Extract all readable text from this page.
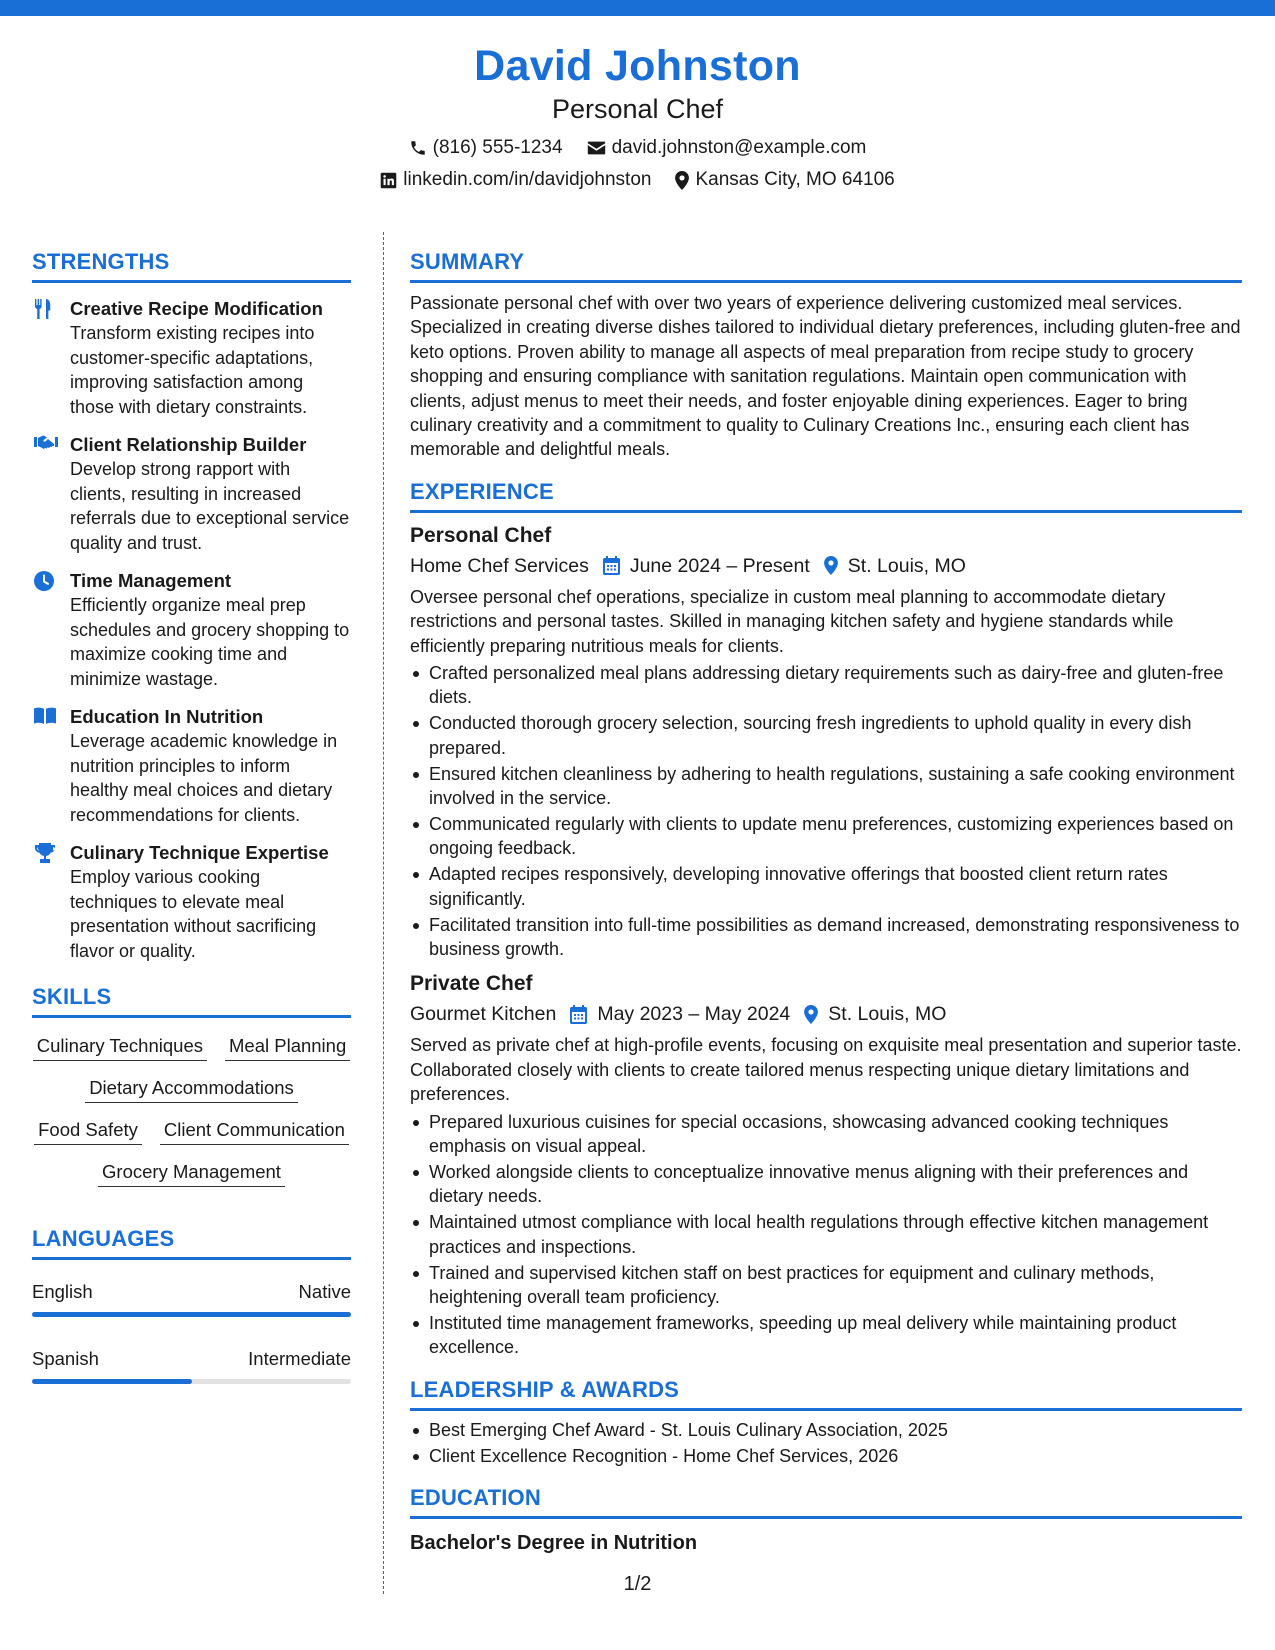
David Johnston
Personal Chef
(816) 555-1234	david.johnston@example.com
linkedin.com/in/davidjohnston Kansas City, MO 64106
STRENGTHS
Creative Recipe Modification
Transform existing recipes into customer-specific adaptations, improving satisfaction among those with dietary constraints.
Client Relationship Builder
Develop strong rapport with clients, resulting in increased referrals due to exceptional service quality and trust.
Time Management
Efficiently organize meal prep schedules and grocery shopping to maximize cooking time and minimize wastage.
Education In Nutrition
Leverage academic knowledge in nutrition principles to inform healthy meal choices and dietary recommendations for clients.
Culinary Technique Expertise
Employ various cooking techniques to elevate meal presentation without sacrificing flavor or quality.
SKILLS
Culinary Techniques Meal Planning
Dietary Accommodations
Food Safety Client Communication
Grocery Management
LANGUAGES
English	Native
Spanish	Intermediate
SUMMARY
Passionate personal chef with over two years of experience delivering customized meal services. Specialized in creating diverse dishes tailored to individual dietary preferences, including gluten-free and keto options. Proven ability to manage all aspects of meal preparation from recipe study to grocery shopping and ensuring compliance with sanitation regulations. Maintain open communication with clients, adjust menus to meet their needs, and foster enjoyable dining experiences. Eager to bring culinary creativity and a commitment to quality to Culinary Creations Inc., ensuring each client has memorable and delightful meals.
EXPERIENCE
Personal Chef
Home Chef Services June 2024 – Present St. Louis, MO
Oversee personal chef operations, specialize in custom meal planning to accommodate dietary restrictions and personal tastes. Skilled in managing kitchen safety and hygiene standards while efficiently preparing nutritious meals for clients.
Crafted personalized meal plans addressing dietary requirements such as dairy-free and gluten-free diets.
Conducted thorough grocery selection, sourcing fresh ingredients to uphold quality in every dish prepared.
Ensured kitchen cleanliness by adhering to health regulations, sustaining a safe cooking environment involved in the service.
Communicated regularly with clients to update menu preferences, customizing experiences based on ongoing feedback.
Adapted recipes responsively, developing innovative offerings that boosted client return rates significantly.
Facilitated transition into full-time possibilities as demand increased, demonstrating responsiveness to business growth.
Private Chef
Gourmet Kitchen May 2023 – May 2024 St. Louis, MO
Served as private chef at high-profile events, focusing on exquisite meal presentation and superior taste. Collaborated closely with clients to create tailored menus respecting unique dietary limitations and preferences.
Prepared luxurious cuisines for special occasions, showcasing advanced cooking techniques emphasis on visual appeal.
Worked alongside clients to conceptualize innovative menus aligning with their preferences and dietary needs.
Maintained utmost compliance with local health regulations through effective kitchen management practices and inspections.
Trained and supervised kitchen staff on best practices for equipment and culinary methods, heightening overall team proficiency.
Instituted time management frameworks, speeding up meal delivery while maintaining product excellence.
LEADERSHIP & AWARDS
Best Emerging Chef Award - St. Louis Culinary Association, 2025
Client Excellence Recognition - Home Chef Services, 2026
EDUCATION
Bachelor's Degree in Nutrition
1/2
